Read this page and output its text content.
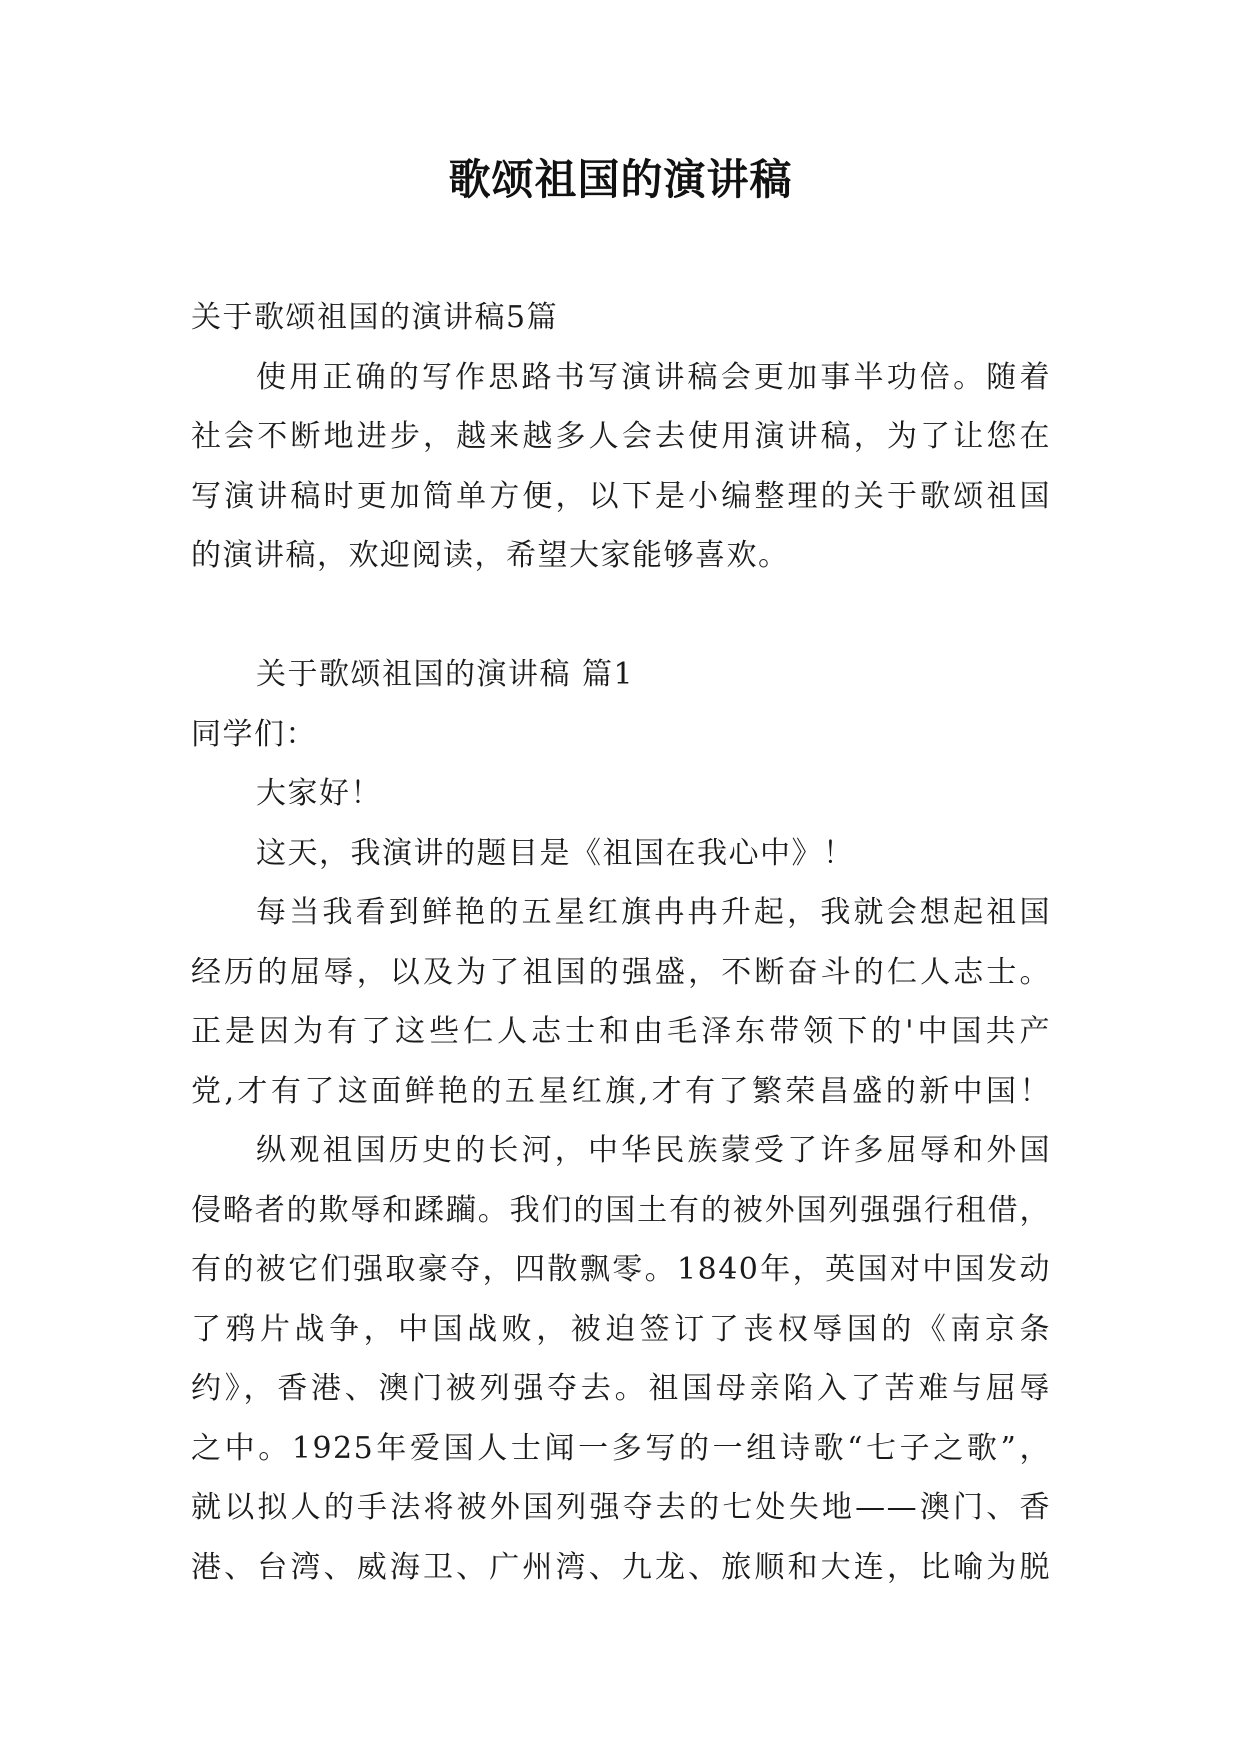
歌颂祖国的演讲稿
关于歌颂祖国的演讲稿5篇
使用正确的写作思路书写演讲稿会更加事半功倍。随着
社会不断地进步，越来越多人会去使用演讲稿，为了让您在
写演讲稿时更加简单方便，以下是小编整理的关于歌颂祖国
的演讲稿，欢迎阅读，希望大家能够喜欢。
关于歌颂祖国的演讲稿 篇1
同学们：
大家好！
这天，我演讲的题目是《祖国在我心中》！
每当我看到鲜艳的五星红旗冉冉升起，我就会想起祖国
经历的屈辱，以及为了祖国的强盛，不断奋斗的仁人志士。
正是因为有了这些仁人志士和由毛泽东带领下的'中国共产
党,才有了这面鲜艳的五星红旗,才有了繁荣昌盛的新中国！
纵观祖国历史的长河，中华民族蒙受了许多屈辱和外国
侵略者的欺辱和蹂躏。我们的国土有的被外国列强强行租借，
有的被它们强取豪夺，四散飘零。1840年，英国对中国发动
了鸦片战争，中国战败，被迫签订了丧权辱国的《南京条
约》，香港、澳门被列强夺去。祖国母亲陷入了苦难与屈辱
之中。1925年爱国人士闻一多写的一组诗歌“七子之歌”，
就以拟人的手法将被外国列强夺去的七处失地——澳门、香
港、台湾、威海卫、广州湾、九龙、旅顺和大连，比喻为脱
